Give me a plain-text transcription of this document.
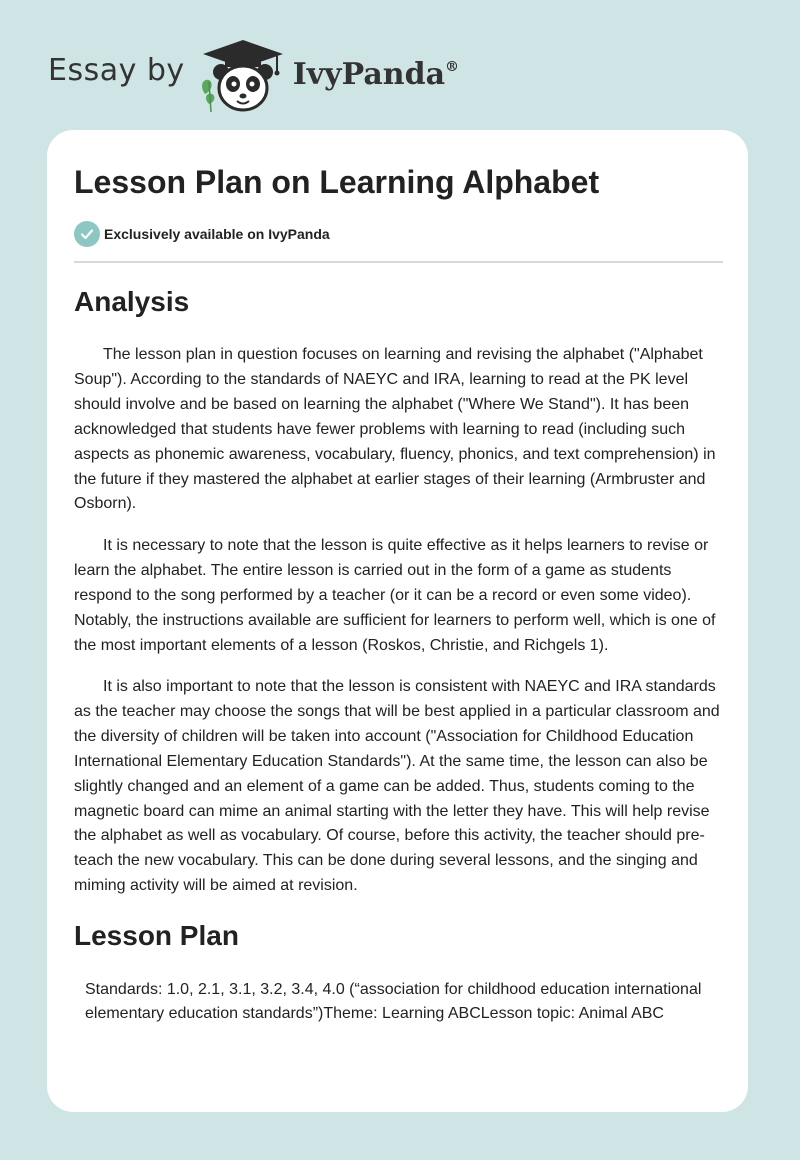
Essay by	IvyPanda®
Lesson Plan on Learning Alphabet
Exclusively available on IvyPanda
Analysis

The lesson plan in question focuses on learning and revising the alphabet ("Alphabet Soup"). According to the standards of NAEYC and IRA, learning to read at the PK level should involve and be based on learning the alphabet ("Where We Stand"). It has been acknowledged that students have fewer problems with learning to read (including such aspects as phonemic awareness, vocabulary, fluency, phonics, and text comprehension) in the future if they mastered the alphabet at earlier stages of their learning (Armbruster and Osborn).

It is necessary to note that the lesson is quite effective as it helps learners to revise or learn the alphabet. The entire lesson is carried out in the form of a game as students respond to the song performed by a teacher (or it can be a record or even some video). Notably, the instructions available are sufficient for learners to perform well, which is one of the most important elements of a lesson (Roskos, Christie, and Richgels 1).

It is also important to note that the lesson is consistent with NAEYC and IRA standards as the teacher may choose the songs that will be best applied in a particular classroom and the diversity of children will be taken into account ("Association for Childhood Education International Elementary Education Standards"). At the same time, the lesson can also be slightly changed and an element of a game can be added. Thus, students coming to the magnetic board can mime an animal starting with the letter they have. This will help revise the alphabet as well as vocabulary. Of course, before this activity, the teacher should pre-teach the new vocabulary. This can be done during several lessons, and the singing and miming activity will be aimed at revision.

Lesson Plan

Standards: 1.0, 2.1, 3.1, 3.2, 3.4, 4.0 (“association for childhood education international elementary education standards”)Theme: Learning ABCLesson topic: Animal ABC
